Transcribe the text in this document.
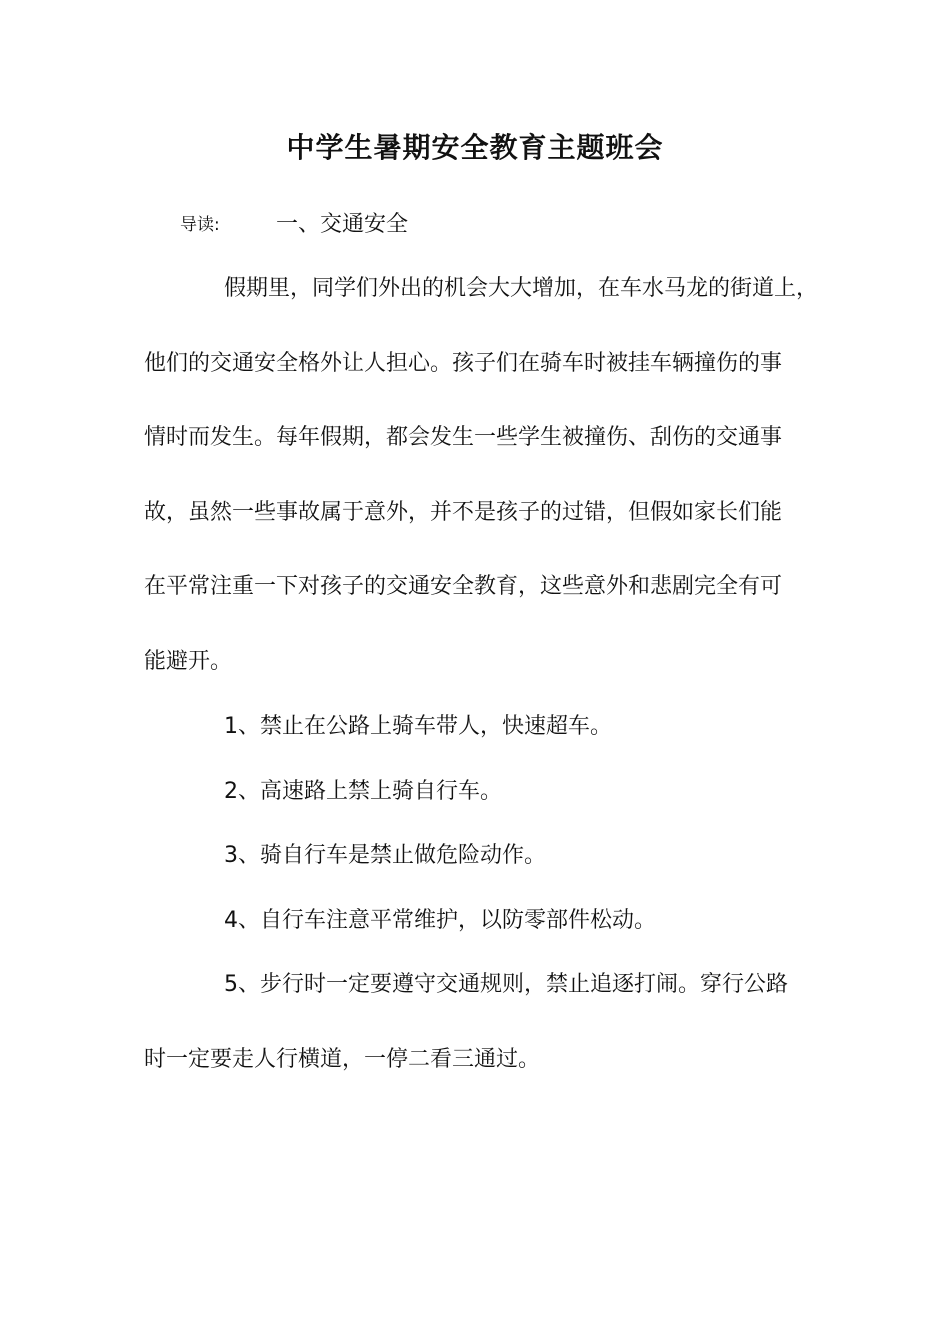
中学生暑期安全教育主题班会
导读:	一、交通安全
假期里，同学们外出的机会大大增加，在车水马龙的街道上，
他们的交通安全格外让人担心。孩子们在骑车时被挂车辆撞伤的事
情时而发生。每年假期，都会发生一些学生被撞伤、刮伤的交通事
故，虽然一些事故属于意外，并不是孩子的过错，但假如家长们能
在平常注重一下对孩子的交通安全教育，这些意外和悲剧完全有可
能避开。
1、禁止在公路上骑车带人，快速超车。
2、高速路上禁上骑自行车。
3、骑自行车是禁止做危险动作。
4、自行车注意平常维护，以防零部件松动。
5、步行时一定要遵守交通规则，禁止追逐打闹。穿行公路
时一定要走人行横道，一停二看三通过。
